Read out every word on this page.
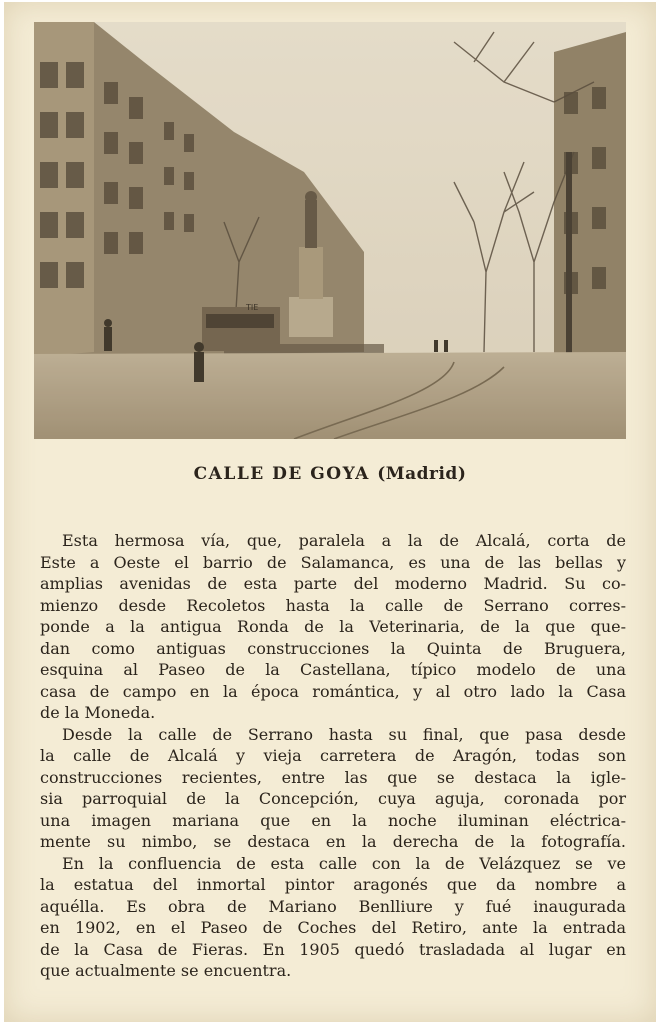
TIE
CALLE DE GOYA (Madrid)
Esta hermosa vía, que, paralela a la de Alcalá, corta de
Este a Oeste el barrio de Salamanca, es una de las bellas y
amplias avenidas de esta parte del moderno Madrid. Su co-
mienzo desde Recoletos hasta la calle de Serrano corres-
ponde a la antigua Ronda de la Veterinaria, de la que que-
dan como antiguas construcciones la Quinta de Bruguera,
esquina al Paseo de la Castellana, típico modelo de una
casa de campo en la época romántica, y al otro lado la Casa
de la Moneda.
Desde la calle de Serrano hasta su final, que pasa desde
la calle de Alcalá y vieja carretera de Aragón, todas son
construcciones recientes, entre las que se destaca la igle-
sia parroquial de la Concepción, cuya aguja, coronada por
una imagen mariana que en la noche iluminan eléctrica-
mente su nimbo, se destaca en la derecha de la fotografía.
En la confluencia de esta calle con la de Velázquez se ve
la estatua del inmortal pintor aragonés que da nombre a
aquélla. Es obra de Mariano Benlliure y fué inaugurada
en 1902, en el Paseo de Coches del Retiro, ante la entrada
de la Casa de Fieras. En 1905 quedó trasladada al lugar en
que actualmente se encuentra.
